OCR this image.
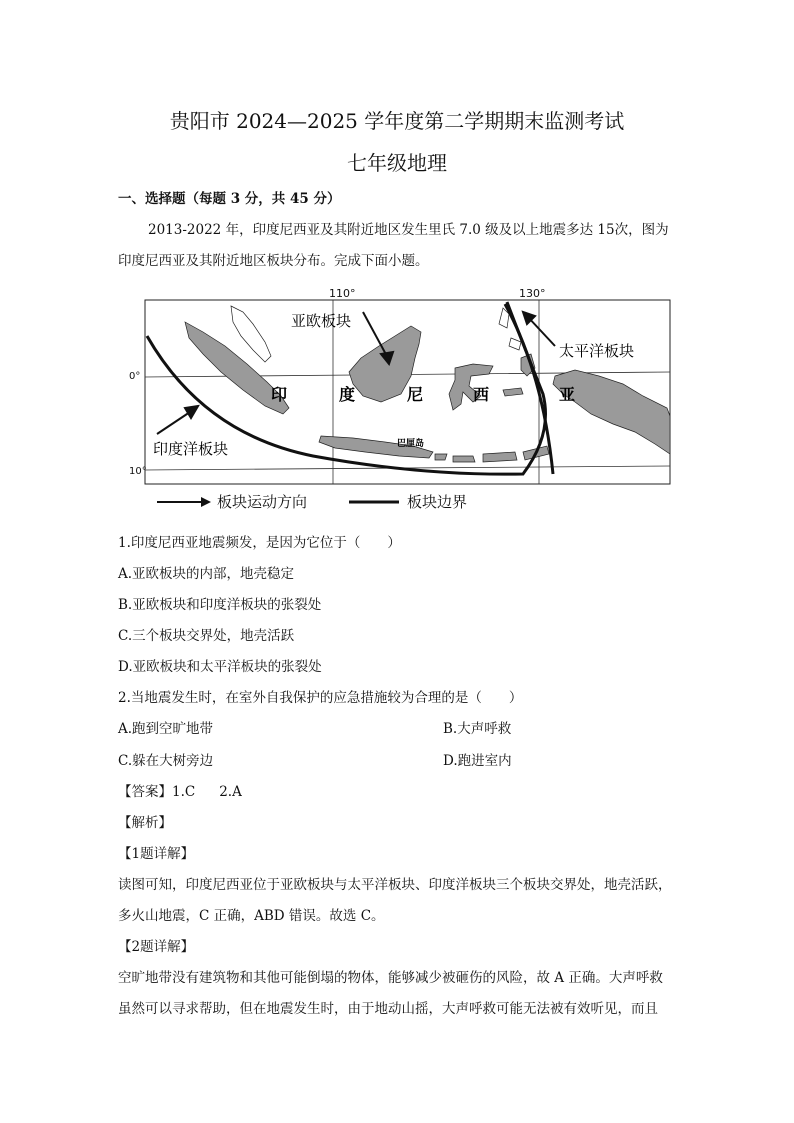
贵阳市 2024—2025 学年度第二学期期末监测考试
七年级地理
一、选择题（每题 3 分，共 45 分）
2013-2022 年，印度尼西亚及其附近地区发生里氏 7.0 级及以上地震多达 15次，图为
印度尼西亚及其附近地区板块分布。完成下面小题。
110°	130°
0°
10°
亚欧板块
太平洋板块
印度洋板块
印	度	尼	西	亚
巴厘岛
板块运动方向	板块边界
1.印度尼西亚地震频发，是因为它位于（　　）
A.亚欧板块的内部，地壳稳定
B.亚欧板块和印度洋板块的张裂处
C.三个板块交界处，地壳活跃
D.亚欧板块和太平洋板块的张裂处
2.当地震发生时，在室外自我保护的应急措施较为合理的是（　　）
A.跑到空旷地带	B.大声呼救
C.躲在大树旁边	D.跑进室内
【答案】1.C 2.A
【解析】
【1题详解】
读图可知，印度尼西亚位于亚欧板块与太平洋板块、印度洋板块三个板块交界处，地壳活跃，
多火山地震，C 正确，ABD 错误。故选 C。
【2题详解】
空旷地带没有建筑物和其他可能倒塌的物体，能够减少被砸伤的风险，故 A 正确。大声呼救
虽然可以寻求帮助，但在地震发生时，由于地动山摇，大声呼救可能无法被有效听见，而且
